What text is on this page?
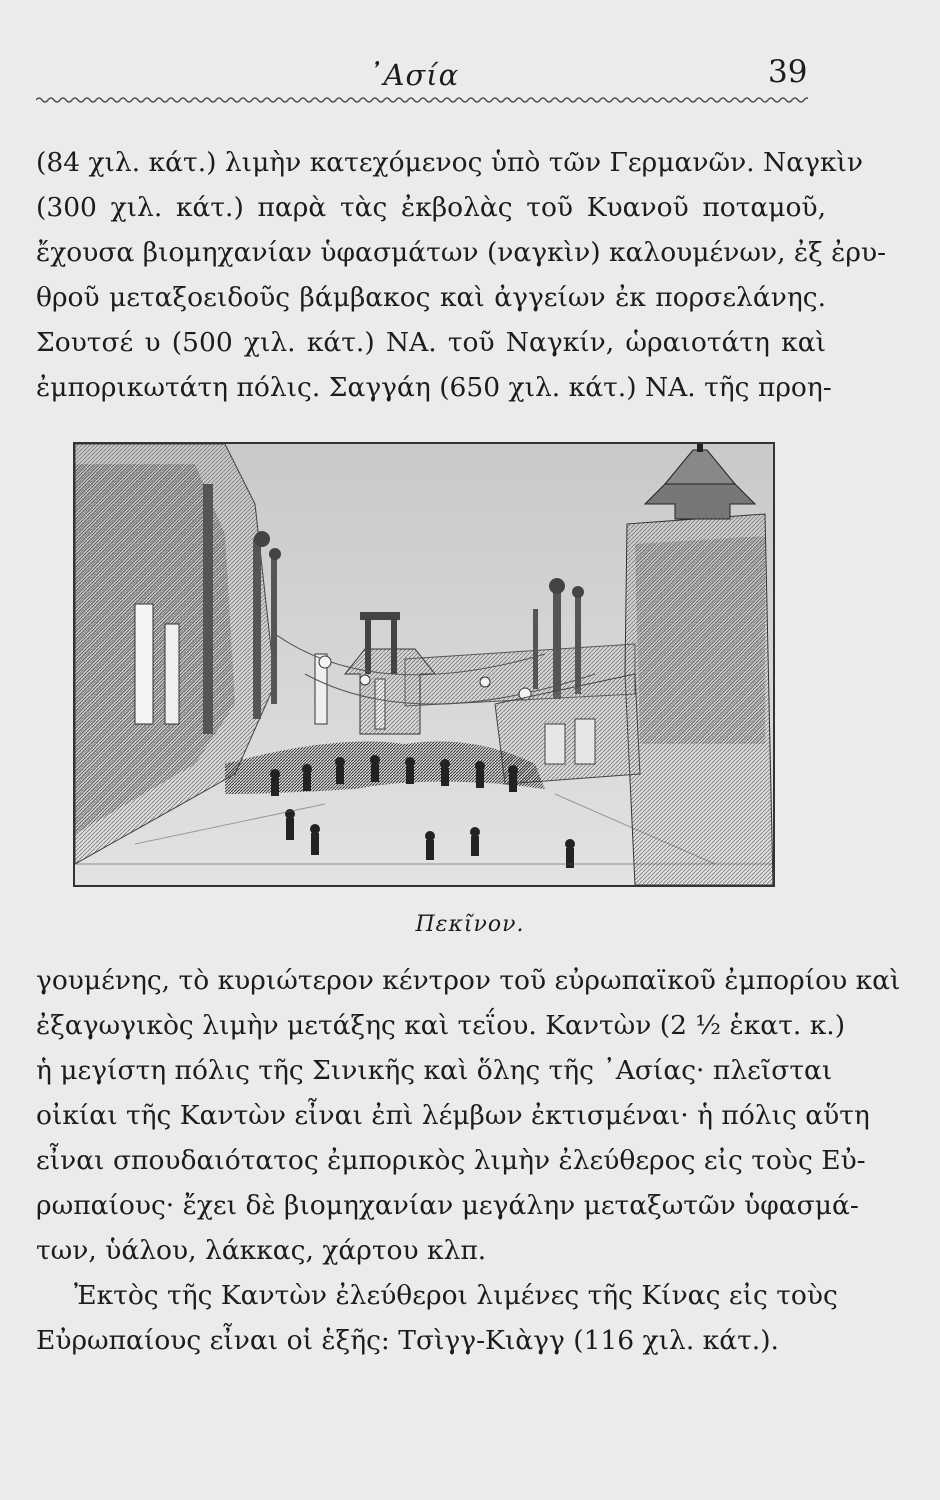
᾿Ασία	39
(84 χιλ. κάτ.) λιμὴν κατεχόμενος ὑπὸ τῶν Γερμανῶν. Ναγκὶν
(300 χιλ. κάτ.) παρὰ τὰς ἐκβολὰς τοῦ Κυανοῦ ποταμοῦ,
ἔχουσα βιομηχανίαν ὑφασμάτων (ναγκὶν) καλουμένων, ἐξ ἐρυ-
θροῦ μεταξοειδοῦς βάμβακος καὶ ἀγγείων ἐκ πορσελάνης.
Σουτσέ υ (500 χιλ. κάτ.) ΝΑ. τοῦ Ναγκίν, ὡραιοτάτη καὶ
ἐμπορικωτάτη πόλις. Σαγγάη (650 χιλ. κάτ.) ΝΑ. τῆς προη-
Πεκῖνον.
γουμένης, τὸ κυριώτερον κέντρον τοῦ εὐρωπαϊκοῦ ἐμπορίου καὶ
ἐξαγωγικὸς λιμὴν μετάξης καὶ τεΐου. Καντὼν (2 ½ ἑκατ. κ.)
ἡ μεγίστη πόλις τῆς Σινικῆς καὶ ὅλης τῆς ᾿Ασίας· πλεῖσται
οἰκίαι τῆς Καντὼν εἶναι ἐπὶ λέμβων ἐκτισμέναι· ἡ πόλις αὕτη
εἶναι σπουδαιότατος ἐμπορικὸς λιμὴν ἐλεύθερος εἰς τοὺς Εὐ-
ρωπαίους· ἔχει δὲ βιομηχανίαν μεγάλην μεταξωτῶν ὑφασμά-
των, ὑάλου, λάκκας, χάρτου κλπ.
Ἐκτὸς τῆς Καντὼν ἐλεύθεροι λιμένες τῆς Κίνας εἰς τοὺς
Εὐρωπαίους εἶναι οἱ ἑξῆς: Τσὶγγ-Κιὰγγ (116 χιλ. κάτ.).
